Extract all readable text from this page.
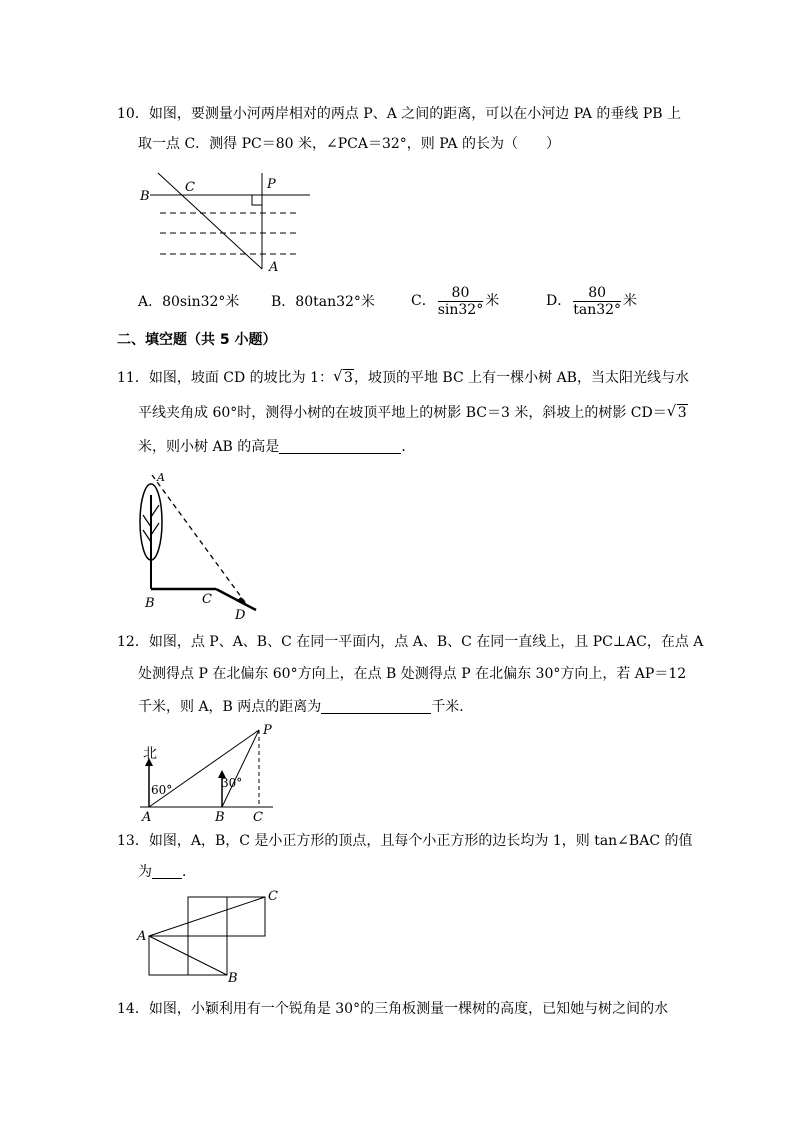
10．如图，要测量小河两岸相对的两点 P、A 之间的距离，可以在小河边 PA 的垂线 PB 上
取一点 C．测得 PC＝80 米，∠PCA＝32°，则 PA 的长为（　　）
B
C	P
A
A．80sin32°米 B．80tan32°米	C． $\frac{80}{\sin 32^\circ}$ 米	D． $\frac{80}{\tan 32^\circ}$ 米
二、填空题（共 5 小题）
11．如图，坡面 CD 的坡比为 1： √ 3，坡顶的平地 BC 上有一棵小树 AB，当太阳光线与水
平线夹角成 60°时，测得小树的在坡顶平地上的树影 BC＝3 米，斜坡上的树影 CD＝ √ 3
米，则小树 AB 的高是	．
A
B	C
D
12．如图，点 P、A、B、C 在同一平面内，点 A、B、C 在同一直线上，且 PC⊥AC，在点 A
处测得点 P 在北偏东 60°方向上，在点 B 处测得点 P 在北偏东 30°方向上，若 AP＝12
千米，则 A，B 两点的距离为	千米．
北
60°	30°
P
A	B C
13．如图，A，B，C 是小正方形的顶点，且每个小正方形的边长均为 1，则 tan∠BAC 的值
为 ．
A
B
C
14．如图，小颖利用有一个锐角是 30°的三角板测量一棵树的高度，已知她与树之间的水
